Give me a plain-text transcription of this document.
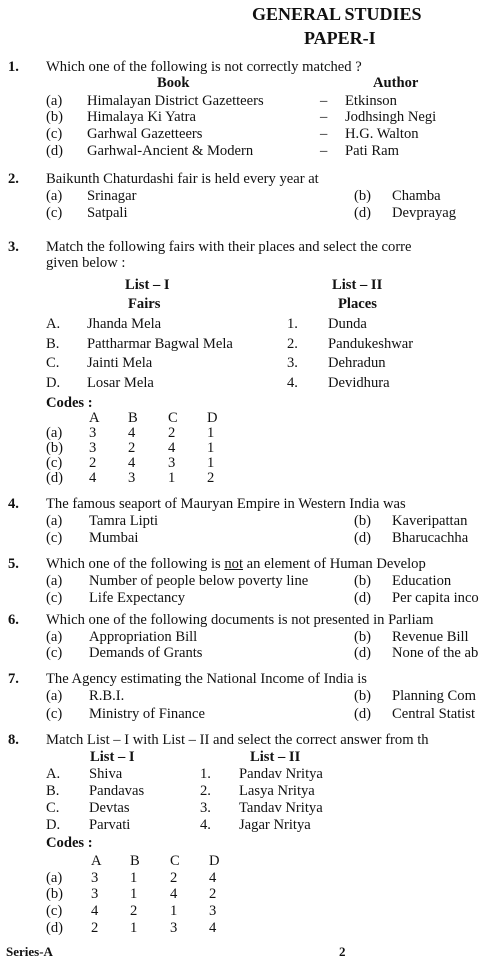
GENERAL STUDIES
PAPER-I
1. Which one of the following is not correctly matched ?
Book	Author
(a) Himalayan District Gazetteers	– Etkinson
(b) Himalaya Ki Yatra	– Jodhsingh Negi
(c) Garhwal Gazetteers	– H.G. Walton
(d) Garhwal-Ancient & Modern	– Pati Ram
2. Baikunth Chaturdashi fair is held every year at
(a) Srinagar	(b) Chamba
(c) Satpali	(d) Devprayag
3. Match the following fairs with their places and select the corre
given below :
List – I	List – II
Fairs	Places
A. Jhanda Mela	1. Dunda
B. Pattharmar Bagwal Mela	2. Pandukeshwar
C. Jainti Mela	3. Dehradun
D. Losar Mela	4. Devidhura
Codes :
A B C D
(a) 3 4 2 1
(b) 3 2 4 1
(c) 2 4 3 1
(d) 4 3 1 2
4. The famous seaport of Mauryan Empire in Western India was
(a) Tamra Lipti	(b) Kaveripattan
(c) Mumbai	(d) Bharucachha
5. Which one of the following is not an element of Human Develop
(a) Number of people below poverty line	(b) Education
(c) Life Expectancy	(d) Per capita inco
6. Which one of the following documents is not presented in Parliam
(a) Appropriation Bill	(b) Revenue Bill
(c) Demands of Grants	(d) None of the ab
7. The Agency estimating the National Income of India is
(a) R.B.I.	(b) Planning Com
(c) Ministry of Finance	(d) Central Statist
8. Match List – I with List – II and select the correct answer from th
List – I	List – II
A. Shiva	1. Pandav Nritya
B. Pandavas	2. Lasya Nritya
C. Devtas	3. Tandav Nritya
D. Parvati	4. Jagar Nritya
Codes :
A B C D
(a) 3 1 2 4
(b) 3 1 4 2
(c) 4 2 1 3
(d) 2 1 3 4
Series-A	2
